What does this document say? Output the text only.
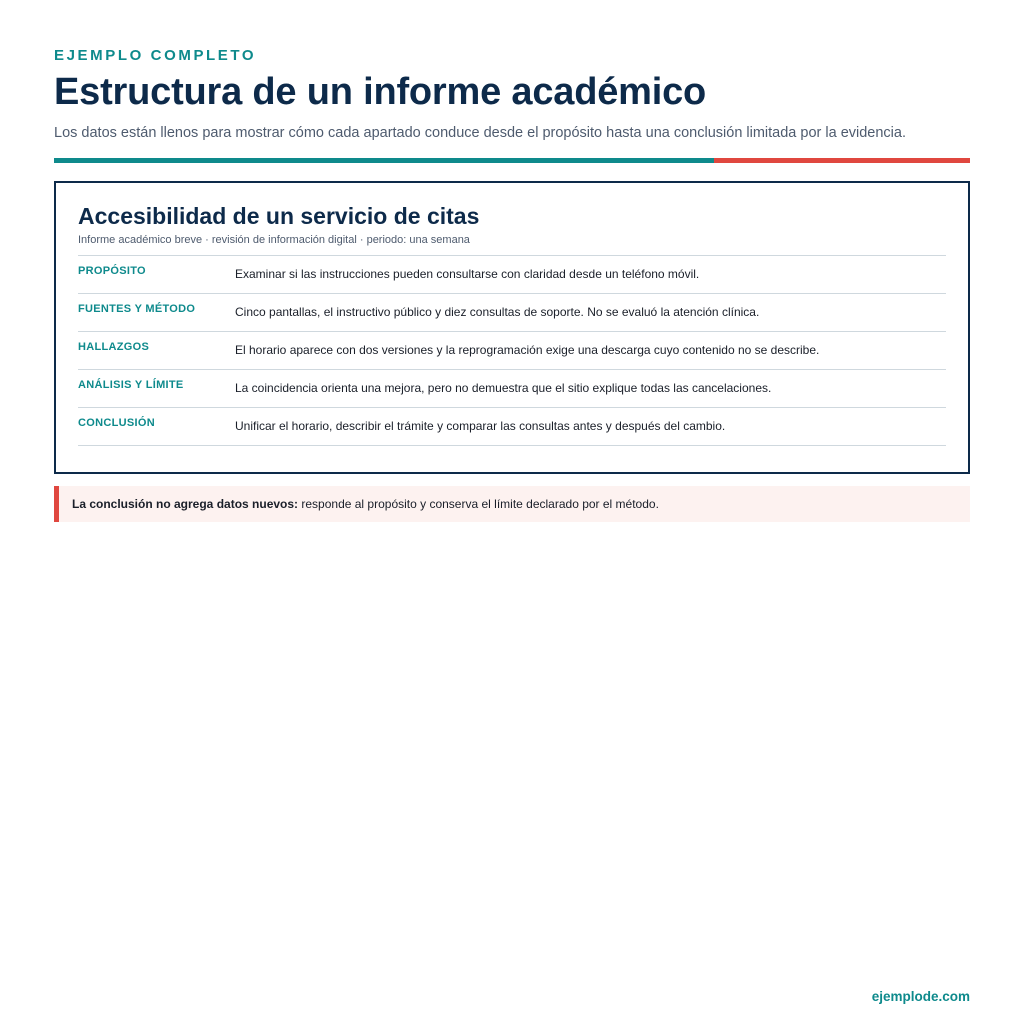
EJEMPLO COMPLETO
Estructura de un informe académico
Los datos están llenos para mostrar cómo cada apartado conduce desde el propósito hasta una conclusión limitada por la evidencia.
Accesibilidad de un servicio de citas
Informe académico breve · revisión de información digital · periodo: una semana
PROPÓSITO	Examinar si las instrucciones pueden consultarse con claridad desde un teléfono móvil.
FUENTES Y MÉTODO	Cinco pantallas, el instructivo público y diez consultas de soporte. No se evaluó la atención clínica.
HALLAZGOS	El horario aparece con dos versiones y la reprogramación exige una descarga cuyo contenido no se describe.
ANÁLISIS Y LÍMITE	La coincidencia orienta una mejora, pero no demuestra que el sitio explique todas las cancelaciones.
CONCLUSIÓN	Unificar el horario, describir el trámite y comparar las consultas antes y después del cambio.
La conclusión no agrega datos nuevos: responde al propósito y conserva el límite declarado por el método.
ejemplode.com
